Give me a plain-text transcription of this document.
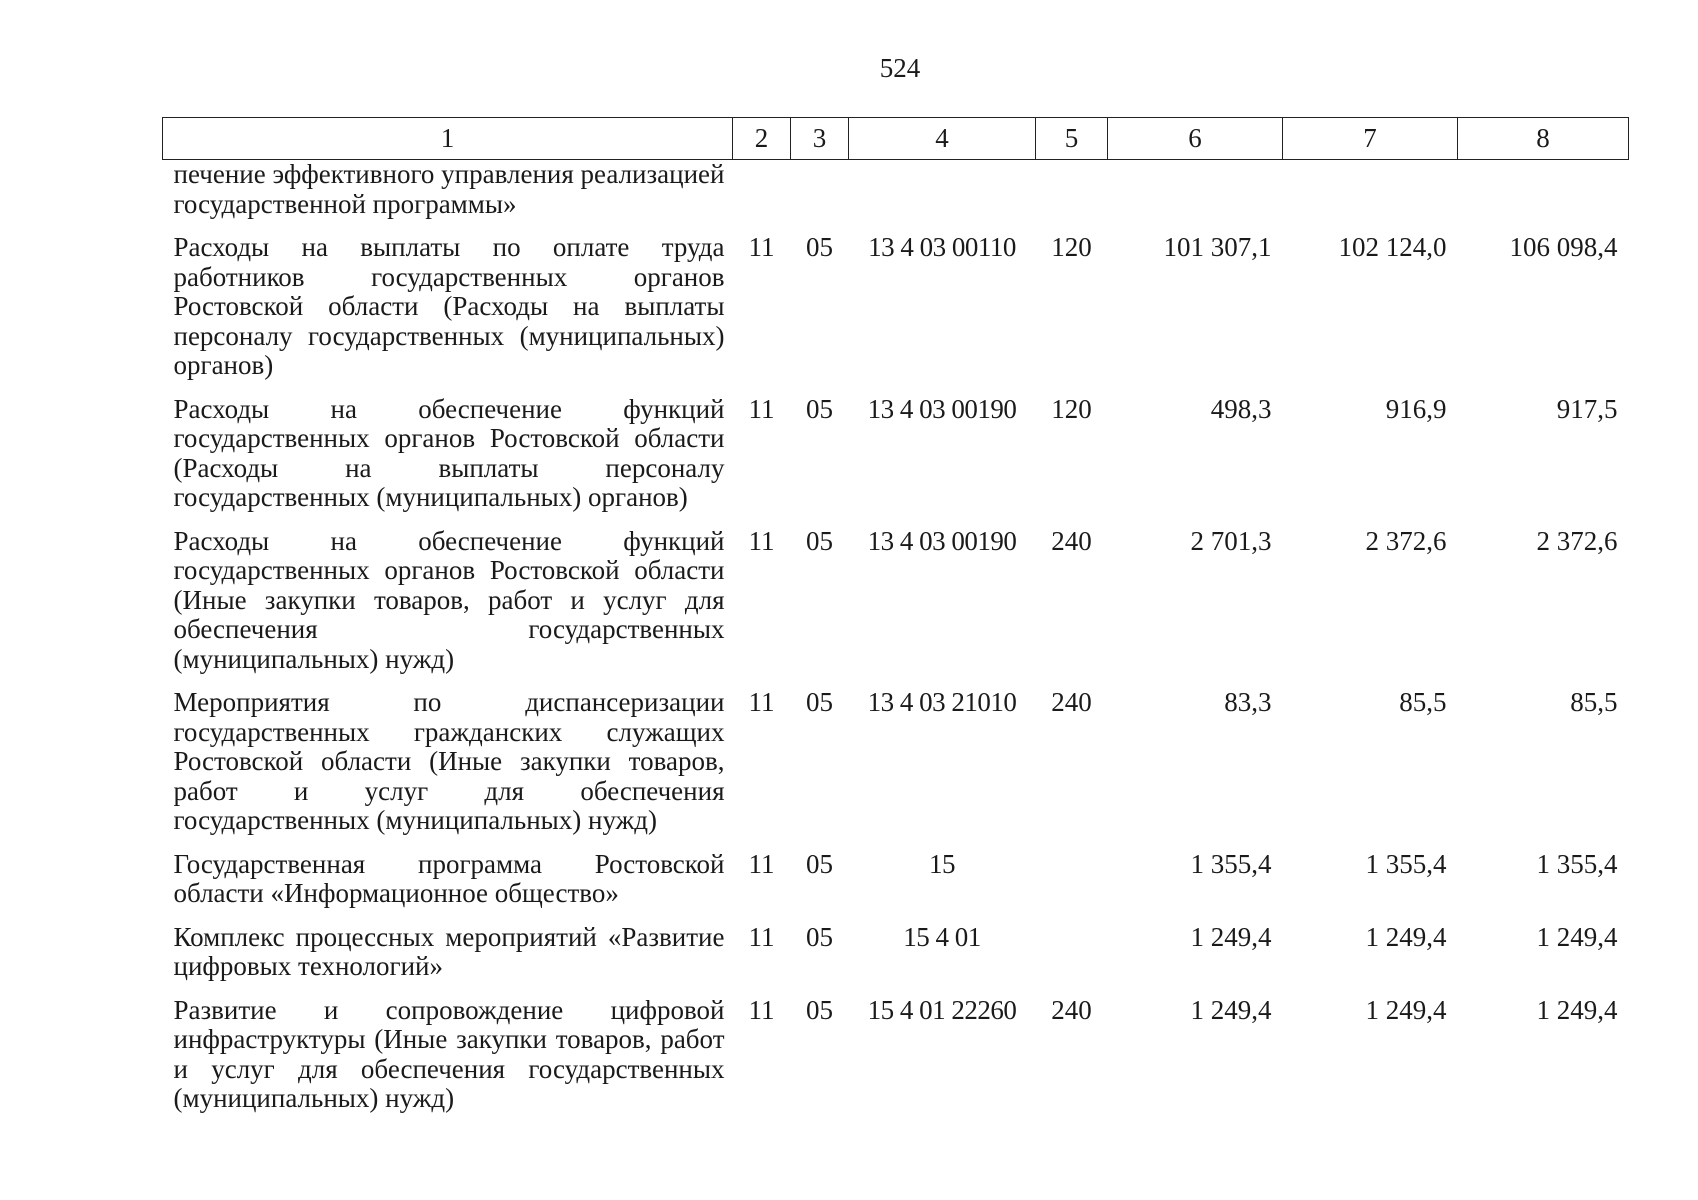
524
1	2	3	4	5	6	7	8
печение эффективного управления реализацией государственной программы»							
Расходы на выплаты по оплате труда работников государственных органов Ростовской области (Расходы на выплаты персоналу государственных (муниципальных) органов)	11	05	13 4 03 00110	120	101 307,1	102 124,0	106 098,4
Расходы на обеспечение функций государственных органов Ростовской области (Расходы на выплаты персоналу государственных (муниципальных) органов)	11	05	13 4 03 00190	120	498,3	916,9	917,5
Расходы на обеспечение функций государственных органов Ростовской области (Иные закупки товаров, работ и услуг для обеспечения государственных (муниципальных) нужд)	11	05	13 4 03 00190	240	2 701,3	2 372,6	2 372,6
Мероприятия по диспансеризации государственных гражданских служащих Ростовской области (Иные закупки товаров, работ и услуг для обеспечения государственных (муниципальных) нужд)	11	05	13 4 03 21010	240	83,3	85,5	85,5
Государственная программа Ростовской области «Информационное общество»	11	05	15		1 355,4	1 355,4	1 355,4
Комплекс процессных мероприятий «Развитие цифровых технологий»	11	05	15 4 01		1 249,4	1 249,4	1 249,4
Развитие и сопровождение цифровой инфраструктуры (Иные закупки товаров, работ и услуг для обеспечения государственных (муниципальных) нужд)	11	05	15 4 01 22260	240	1 249,4	1 249,4	1 249,4
